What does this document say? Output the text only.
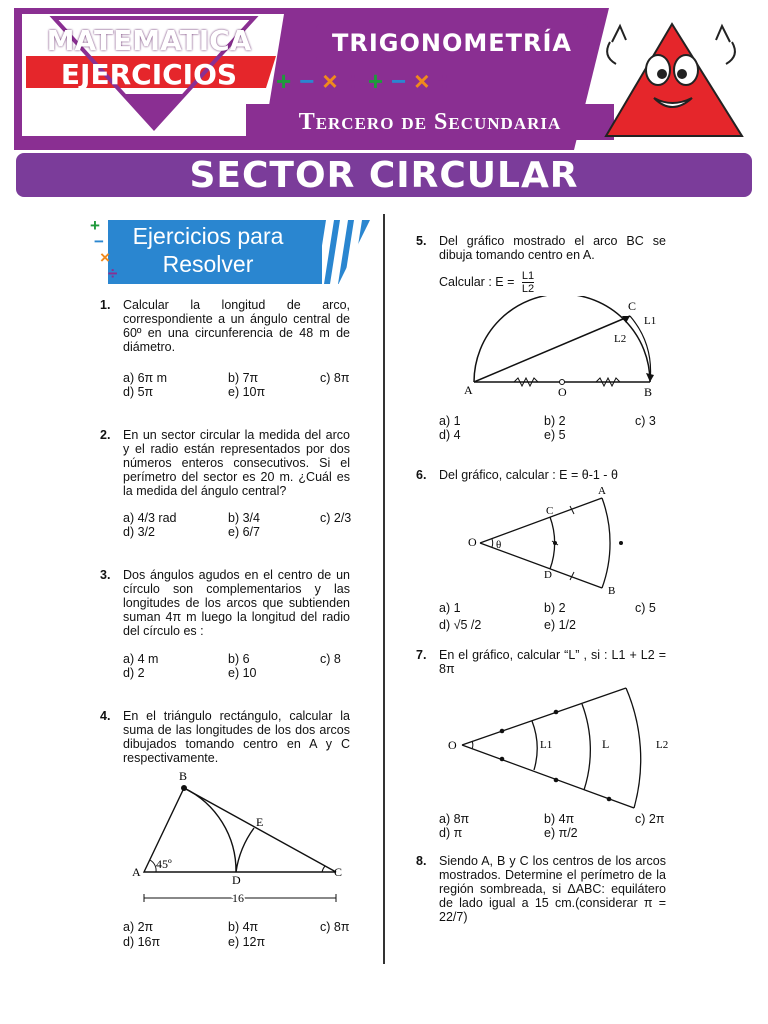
MATEMATICA
EJERCICIOS
TRIGONOMETRÍA
+−×÷+−×÷
Tercero de Secundaria
SECTOR CIRCULAR
Ejercicios para
Resolver
+
−
×
÷
1. Calcular la longitud de arco, correspondiente a un ángulo central de 60º en una circunferencia de 48 m de diámetro.
a) 6π m	b) 7π	c) 8π
d) 5π	e) 10π
2. En un sector circular la medida del arco y el radio están representados por dos números enteros consecutivos. Si el perímetro del sector es 20 m. ¿Cuál es la medida del ángulo central?
a) 4/3 rad	b) 3/4	c) 2/3
d) 3/2	e) 6/7
3. Dos ángulos agudos en el centro de un círculo son complementarios y las longitudes de los arcos que subtienden suman 4π m luego la longitud del radio del círculo es :
a) 4 m	b) 6	c) 8
d) 2	e) 10
4. En el triángulo rectángulo, calcular la suma de las longitudes de los dos arcos dibujados tomando centro en A y C respectivamente.
B
E
A
45º
D
C
16
a) 2π	b) 4π	c) 8π
d) 16π	e) 12π
5. Del gráfico mostrado el arco BC se dibuja tomando centro en A.
Calcular : $E = \frac{L1}{L2}$
C
L1
L2
A	O	B
a) 1	b) 2	c) 3
d) 4	e) 5
6. Del gráfico, calcular : E = θ-1 - θ
A
C
O θ
D
B
a) 1	b) 2	c) 5
d) √5 /2	e) 1/2
7. En el gráfico, calcular “L” , si : L1 + L2 = 8π
O	L1	L	L2
a) 8π	b) 4π	c) 2π
d) π	e) π/2
8. Siendo A, B y C los centros de los arcos mostrados. Determine el perímetro de la región sombreada, si ΔABC: equilátero de lado igual a 15 cm.(considerar π = 22/7)
